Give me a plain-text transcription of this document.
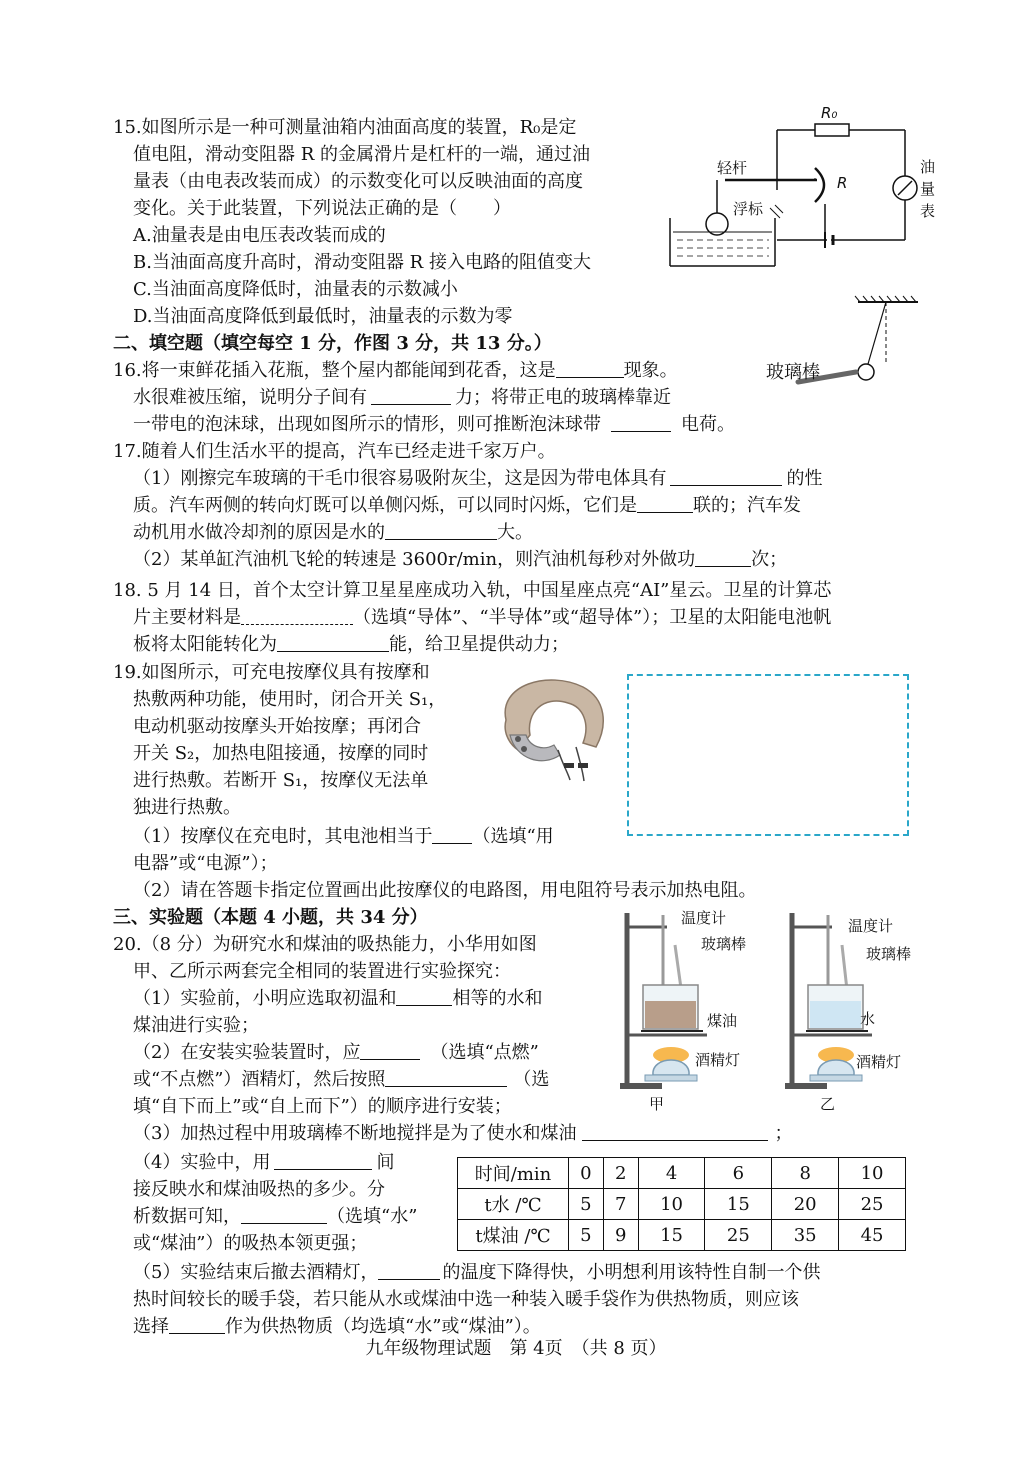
15.如图所示是一种可测量油箱内油面高度的装置，R₀是定
值电阻，滑动变阻器 R 的金属滑片是杠杆的一端，通过油
量表（由电表改装而成）的示数变化可以反映油面的高度
变化。关于此装置，下列说法正确的是（　　）
A.油量表是由电压表改装而成的
B.当油面高度升高时，滑动变阻器 R 接入电路的阻值变大
C.当油面高度降低时，油量表的示数减小
D.当油面高度降低到最低时，油量表的示数为零
R₀
R
轻杆
浮标
油
量
表
二、填空题（填空每空 1 分，作图 3 分，共 13 分。）
16.将一束鲜花插入花瓶，整个屋内都能闻到花香，这是	现象。
水很难被压缩，说明分子间有	力；将带正电的玻璃棒靠近
一带电的泡沫球，出现如图所示的情形，则可推断泡沫球带	电荷。
玻璃棒
17.随着人们生活水平的提高，汽车已经走进千家万户。
（1）刚擦完车玻璃的干毛巾很容易吸附灰尘，这是因为带电体具有	的性
质。汽车两侧的转向灯既可以单侧闪烁，可以同时闪烁，它们是	联的；汽车发
动机用水做冷却剂的原因是水的	大。
（2）某单缸汽油机飞轮的转速是 3600r/min，则汽油机每秒对外做功	次；
18. 5 月 14 日，首个太空计算卫星星座成功入轨，中国星座点亮“AI”星云。卫星的计算芯
片主要材料是	（选填“导体”、“半导体”或“超导体”）；卫星的太阳能电池帆
板将太阳能转化为	能，给卫星提供动力；
19.如图所示，可充电按摩仪具有按摩和
热敷两种功能，使用时，闭合开关 S₁，
电动机驱动按摩头开始按摩；再闭合
开关 S₂，加热电阻接通，按摩的同时
进行热敷。若断开 S₁，按摩仪无法单
独进行热敷。
（1）按摩仪在充电时，其电池相当于 （选填“用
电器”或“电源”）；
（2）请在答题卡指定位置画出此按摩仪的电路图，用电阻符号表示加热电阻。
三、实验题（本题 4 小题，共 34 分）
20.（8 分）为研究水和煤油的吸热能力，小华用如图
甲、乙所示两套完全相同的装置进行实验探究：
（1）实验前，小明应选取初温和	相等的水和
煤油进行实验；
（2）在安装实验装置时，应	（选填“点燃”
或“不点燃”）酒精灯，然后按照	（选
填“自下而上”或“自上而下”）的顺序进行安装；
（3）加热过程中用玻璃棒不断地搅拌是为了使水和煤油	；
（4）实验中，用	间
接反映水和煤油吸热的多少。分
析数据可知，	（选填“水”
或“煤油”）的吸热本领更强；
（5）实验结束后撤去酒精灯，	的温度下降得快，小明想利用该特性自制一个供
热时间较长的暖手袋，若只能从水或煤油中选一种装入暖手袋作为供热物质，则应该
选择	作为供热物质（均选填“水”或“煤油”）。
温度计
玻璃棒
煤油
酒精灯
甲
温度计
玻璃棒
水
酒精灯
乙
时间/min	0	2	4	6	8	10
t水 /℃	5	7	10	15	20	25
t煤油 /℃	5	9	15	25	35	45
九年级物理试题　第 4页　（共 8 页）
